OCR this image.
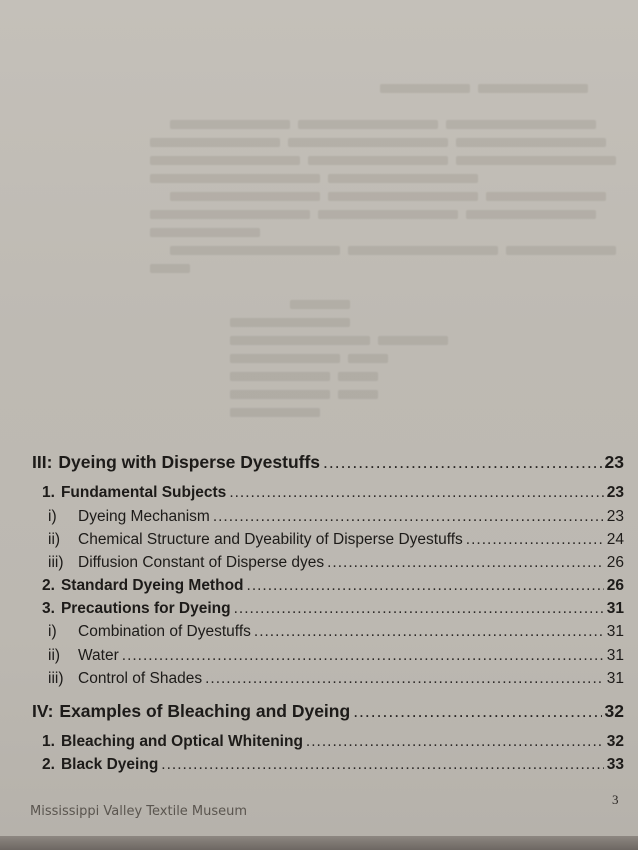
III: Dyeing with Disperse Dyestuffs .....	23
1. Fundamental Subjects .....	23
i)	Dyeing Mechanism .....	23
ii)	Chemical Structure and Dyeability of Disperse Dyestuffs .....	24
iii) Diffusion Constant of Disperse dyes .....	26
2. Standard Dyeing Method .....	26
3. Precautions for Dyeing .....	31
i)	Combination of Dyestuffs .....	31
ii)	Water .....	31
iii) Control of Shades .....	31
IV: Examples of Bleaching and Dyeing .....	32
1. Bleaching and Optical Whitening .....	32
2. Black Dyeing .....	33
3
Mississippi Valley Textile Museum
